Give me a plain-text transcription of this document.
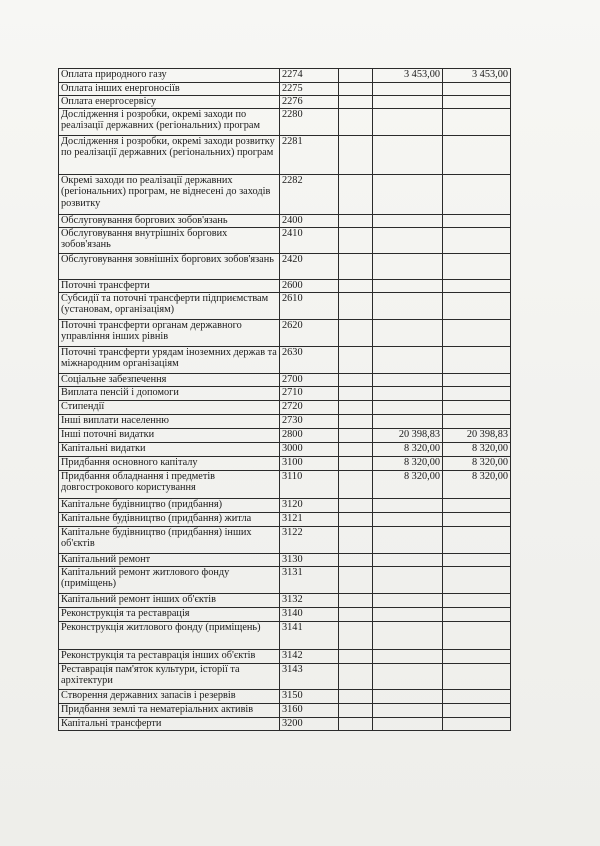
Оплата природного газу	2274		3 453,00	3 453,00
Оплата інших енергоносіїв	2275			
Оплата енергосервісу	2276			
Дослідження і розробки, окремі заходи по реалізації державних (регіональних) програм	2280			
Дослідження і розробки, окремі заходи розвитку по реалізації державних (регіональних) програм	2281			
Окремі заходи по реалізації державних (регіональних) програм, не віднесені до заходів розвитку	2282			
Обслуговування боргових зобов'язань	2400			
Обслуговування внутрішніх боргових зобов'язань	2410			
Обслуговування зовнішніх боргових зобов'язань	2420			
Поточні трансферти	2600			
Субсидії та поточні трансферти підприємствам (установам, організаціям)	2610			
Поточні трансферти органам державного управління інших рівнів	2620			
Поточні трансферти урядам іноземних держав та міжнародним організаціям	2630			
Соціальне забезпечення	2700			
Виплата пенсій і допомоги	2710			
Стипендії	2720			
Інші виплати населенню	2730			
Інші поточні видатки	2800		20 398,83	20 398,83
Капітальні видатки	3000		8 320,00	8 320,00
Придбання основного капіталу	3100		8 320,00	8 320,00
Придбання обладнання і предметів довгострокового користування	3110		8 320,00	8 320,00
Капітальне будівництво (придбання)	3120			
Капітальне будівництво (придбання) житла	3121			
Капітальне будівництво (придбання) інших об'єктів	3122			
Капітальний ремонт	3130			
Капітальний ремонт житлового фонду (приміщень)	3131			
Капітальний ремонт інших об'єктів	3132			
Реконструкція та реставрація	3140			
Реконструкція житлового фонду (приміщень)	3141			
Реконструкція та реставрація інших об'єктів	3142			
Реставрація пам'яток культури, історії та архітектури	3143			
Створення державних запасів і резервів	3150			
Придбання землі та нематеріальних активів	3160			
Капітальні трансферти	3200			
